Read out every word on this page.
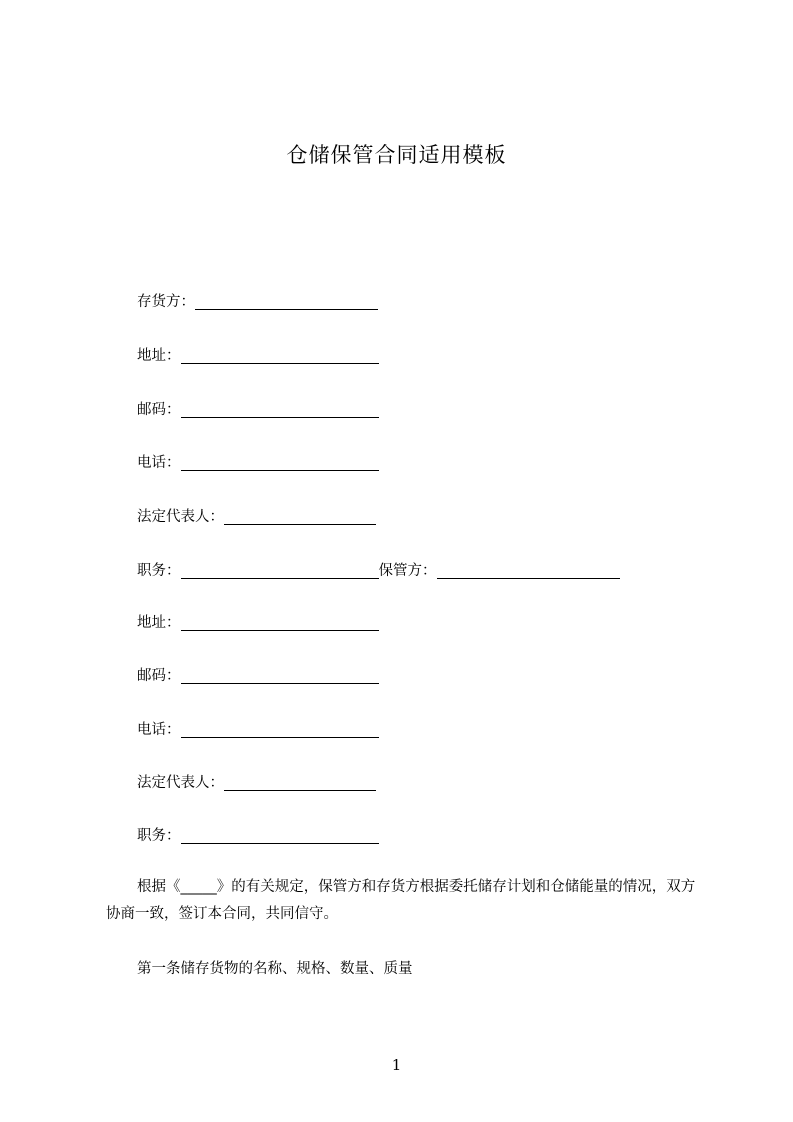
仓储保管合同适用模板
存货方：
地址：
邮码：
电话：
法定代表人：
职务：	保管方：
地址：
邮码：
电话：
法定代表人：
职务：
根据《_____》的有关规定，保管方和存货方根据委托储存计划和仓储能量的情况，双方协商一致，签订本合同，共同信守。
第一条储存货物的名称、规格、数量、质量
1
